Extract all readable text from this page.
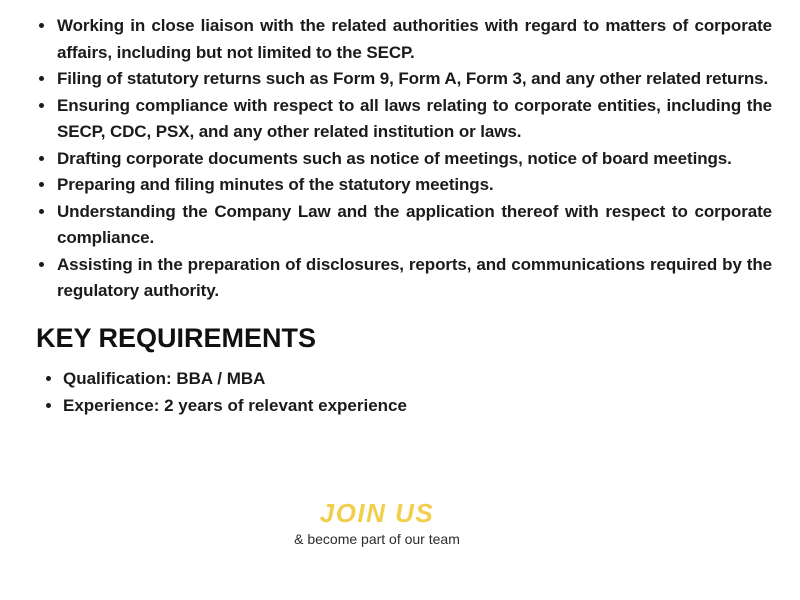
• Working in close liaison with the related authorities with regard to matters of corporate affairs, including but not limited to the SECP.
• Filing of statutory returns such as Form 9, Form A, Form 3, and any other related returns.
• Ensuring compliance with respect to all laws relating to corporate entities, including the SECP, CDC, PSX, and any other related institution or laws.
• Drafting corporate documents such as notice of meetings, notice of board meetings.
• Preparing and filing minutes of the statutory meetings.
• Understanding the Company Law and the application thereof with respect to corporate compliance.
• Assisting in the preparation of disclosures, reports, and communications required by the regulatory authority.
KEY REQUIREMENTS
• Qualification: BBA / MBA
• Experience: 2 years of relevant experience
JOIN US
& become part of our team
